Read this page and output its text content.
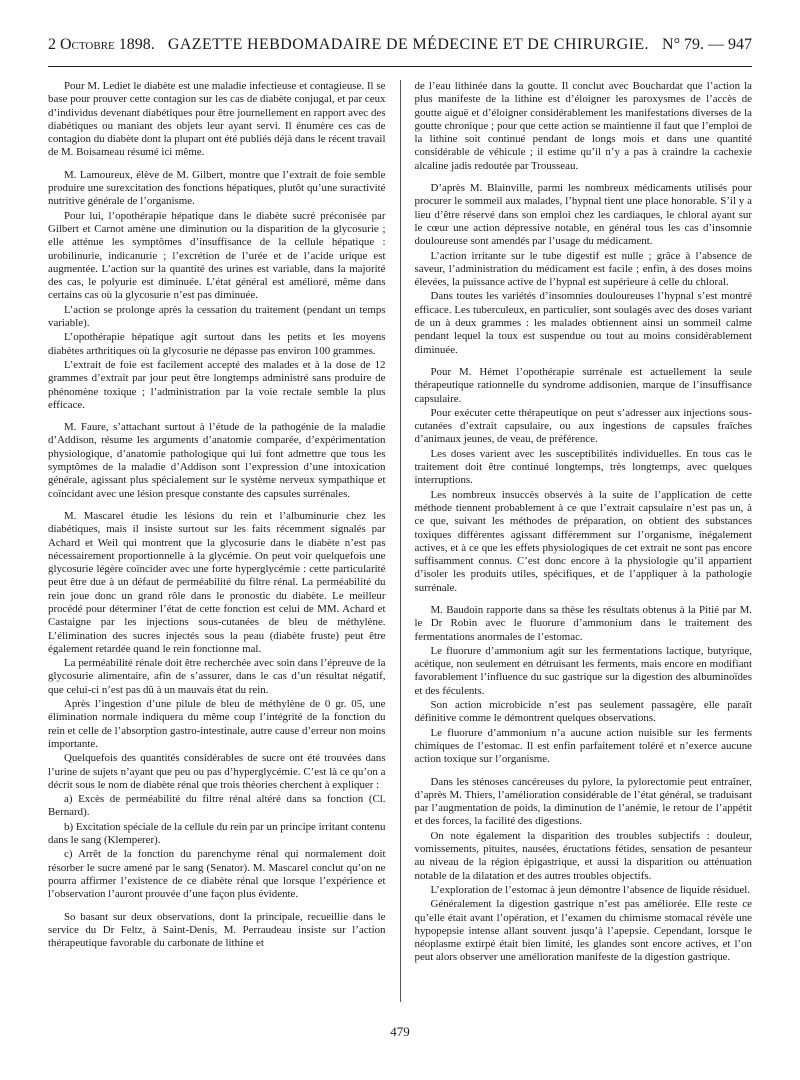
2 Octobre 1898. GAZETTE HEBDOMADAIRE DE MÉDECINE ET DE CHIRURGIE. N° 79. — 947

Pour M. Lediet le diabète est une maladie infectieuse et contagieuse. Il se base pour prouver cette contagion sur les cas de diabète conjugal, et par ceux d’individus devenant diabétiques pour être journellement en rapport avec des diabétiques ou maniant des objets leur ayant servi. Il énumère ces cas de contagion du diabète dont la plupart ont été publiés déjà dans le récent travail de M. Boisameau résumé ici même.

M. Lamoureux, élève de M. Gilbert, montre que l’extrait de foie semble produire une surexcitation des fonctions hépatiques, plutôt qu’une suractivité nutritive générale de l’organisme.

Pour lui, l’opothérapie hépatique dans le diabète sucré préconisée par Gilbert et Carnot amène une diminution ou la disparition de la glycosurie ; elle atténue les symptômes d’insuffisance de la cellule hépatique : urobilinurie, indicanurie ; l’excrétion de l’urée et de l’acide urique est augmentée. L’action sur la quantité des urines est variable, dans la majorité des cas, le polyurie est diminuée. L’état général est amélioré, même dans certains cas où la glycosurie n’est pas diminuée.

L’action se prolonge après la cessation du traitement (pendant un temps variable).

L’opothérapie hépatique agit surtout dans les petits et les moyens diabètes arthritiques où la glycosurie ne dépasse pas environ 100 grammes.

L’extrait de foie est facilement accepté des malades et à la dose de 12 grammes d’extrait par jour peut être longtemps administré sans produire de phénomène toxique ; l’administration par la voie rectale semble la plus efficace.

M. Faure, s’attachant surtout à l’étude de la pathogénie de la maladie d’Addison, résume les arguments d’anatomie comparée, d’expérimentation physiologique, d’anatomie pathologique qui lui font admettre que tous les symptômes de la maladie d’Addison sont l’expression d’une intoxication générale, agissant plus spécialement sur le système nerveux sympathique et coïncidant avec une lésion presque constante des capsules surrénales.

M. Mascarel étudie les lésions du rein et l’albuminurie chez les diabétiques, mais il insiste surtout sur les faits récemment signalés par Achard et Weil qui montrent que la glycosurie dans le diabète n’est pas nécessairement proportionnelle à la glycémie. On peut voir quelquefois une glycosurie légère coïncider avec une forte hyperglycémie : cette particularité peut être due à un défaut de perméabilité du filtre rénal. La perméabilité du rein joue donc un grand rôle dans le pronostic du diabète. Le meilleur procédé pour déterminer l’état de cette fonction est celui de MM. Achard et Castaigne par les injections sous-cutanées de bleu de méthylène. L’élimination des sucres injectés sous la peau (diabète fruste) peut être également retardée quand le rein fonctionne mal.

La perméabilité rénale doit être recherchée avec soin dans l’épreuve de la glycosurie alimentaire, afin de s’assurer, dans le cas d’un résultat négatif, que celui-ci n’est pas dû à un mauvais état du rein.

Après l’ingestion d’une pilule de bleu de méthylène de 0 gr. 05, une élimination normale indiquera du même coup l’intégrité de la fonction du rein et celle de l’absorption gastro-intestinale, autre cause d’erreur non moins importante.

Quelquefois des quantités considérables de sucre ont été trouvées dans l’urine de sujets n’ayant que peu ou pas d’hyperglycémie. C’est là ce qu’on a décrit sous le nom de diabète rénal que trois théories cherchent à expliquer :

a) Excès de perméabilité du filtre rénal altéré dans sa fonction (Cl. Bernard).

b) Excitation spéciale de la cellule du rein par un principe irritant contenu dans le sang (Klemperer).

c) Arrêt de la fonction du parenchyme rénal qui normalement doit résorber le sucre amené par le sang (Senator). M. Mascarel conclut qu’on ne pourra affirmer l’existence de ce diabète rénal que lorsque l’expérience et l’observation l’auront prouvée d’une façon plus évidente.

So basant sur deux observations, dont la principale, recueillie dans le service du Dr Feltz, à Saint-Denis, M. Perraudeau insiste sur l’action thérapeutique favorable du carbonate de lithine et

de l’eau lithinée dans la goutte. Il conclut avec Bouchardat que l’action la plus manifeste de la lithine est d’éloigner les paroxysmes de l’accès de goutte aiguë et d’éloigner considérablement les manifestations diverses de la goutte chronique ; pour que cette action se maintienne il faut que l’emploi de la lithine soit continué pendant de longs mois et dans une quantité considérable de véhicule ; il estime qu’il n’y a pas à craindre la cachexie alcaline jadis redoutée par Trousseau.

D’après M. Blainville, parmi les nombreux médicaments utilisés pour procurer le sommeil aux malades, l’hypnal tient une place honorable. S’il y a lieu d’être réservé dans son emploi chez les cardiaques, le chloral ayant sur le cœur une action dépressive notable, en général tous les cas d’insomnie douloureuse sont amendés par l’usage du médicament.

L’action irritante sur le tube digestif est nulle ; grâce à l’absence de saveur, l’administration du médicament est facile ; enfin, à des doses moins élevées, la puissance active de l’hypnal est supérieure à celle du chloral.

Dans toutes les variétés d’insomnies douloureuses l’hypnal s’est montré efficace. Les tuberculeux, en particulier, sont soulagés avec des doses variant de un à deux grammes : les malades obtiennent ainsi un sommeil calme pendant lequel la toux est suspendue ou tout au moins considérablement diminuée.

Pour M. Hémet l’opothérapie surrénale est actuellement la seule thérapeutique rationnelle du syndrome addisonien, marque de l’insuffisance capsulaire.

Pour exécuter cette thérapeutique on peut s’adresser aux injections sous-cutanées d’extrait capsulaire, ou aux ingestions de capsules fraîches d’animaux jeunes, de veau, de préférence.

Les doses varient avec les susceptibilités individuelles. En tous cas le traitement doit être continué longtemps, très longtemps, avec quelques interruptions.

Les nombreux insuccès observés à la suite de l’application de cette méthode tiennent probablement à ce que l’extrait capsulaire n’est pas un, à ce que, suivant les méthodes de préparation, on obtient des substances toxiques différentes agissant différemment sur l’organisme, inégalement actives, et à ce que les effets physiologiques de cet extrait ne sont pas encore suffisamment connus. C’est donc encore à la physiologie qu’il appartient d’isoler les produits utiles, spécifiques, et de l’appliquer à la pathologie surrénale.

M. Baudoin rapporte dans sa thèse les résultats obtenus à la Pitié par M. le Dr Robin avec le fluorure d’ammonium dans le traitement des fermentations anormales de l’estomac.

Le fluorure d’ammonium agit sur les fermentations lactique, butyrique, acétique, non seulement en détruisant les ferments, mais encore en modifiant favorablement l’influence du suc gastrique sur la digestion des albuminoïdes et des féculents.

Son action microbicide n’est pas seulement passagère, elle paraît définitive comme le démontrent quelques observations.

Le fluorure d’ammonium n’a aucune action nuisible sur les ferments chimiques de l’estomac. Il est enfin parfaitement toléré et n’exerce aucune action toxique sur l’organisme.

Dans les sténoses cancéreuses du pylore, la pylorectomie peut entraîner, d’après M. Thiers, l’amélioration considérable de l’état général, se traduisant par l’augmentation de poids, la diminution de l’anémie, le retour de l’appétit et des forces, la facilité des digestions.

On note également la disparition des troubles subjectifs : douleur, vomissements, pituites, nausées, éructations fétides, sensation de pesanteur au niveau de la région épigastrique, et aussi la disparition ou atténuation notable de la dilatation et des autres troubles objectifs.

L’exploration de l’estomac à jeun démontre l’absence de liquide résiduel.

Généralement la digestion gastrique n’est pas améliorée. Elle reste ce qu’elle était avant l’opération, et l’examen du chimisme stomacal révèle une hypopepsie intense allant souvent jusqu’à l’apepsie. Cependant, lorsque le néoplasme extirpé était bien limité, les glandes sont encore actives, et l’on peut alors observer une amélioration manifeste de la digestion gastrique.

479
